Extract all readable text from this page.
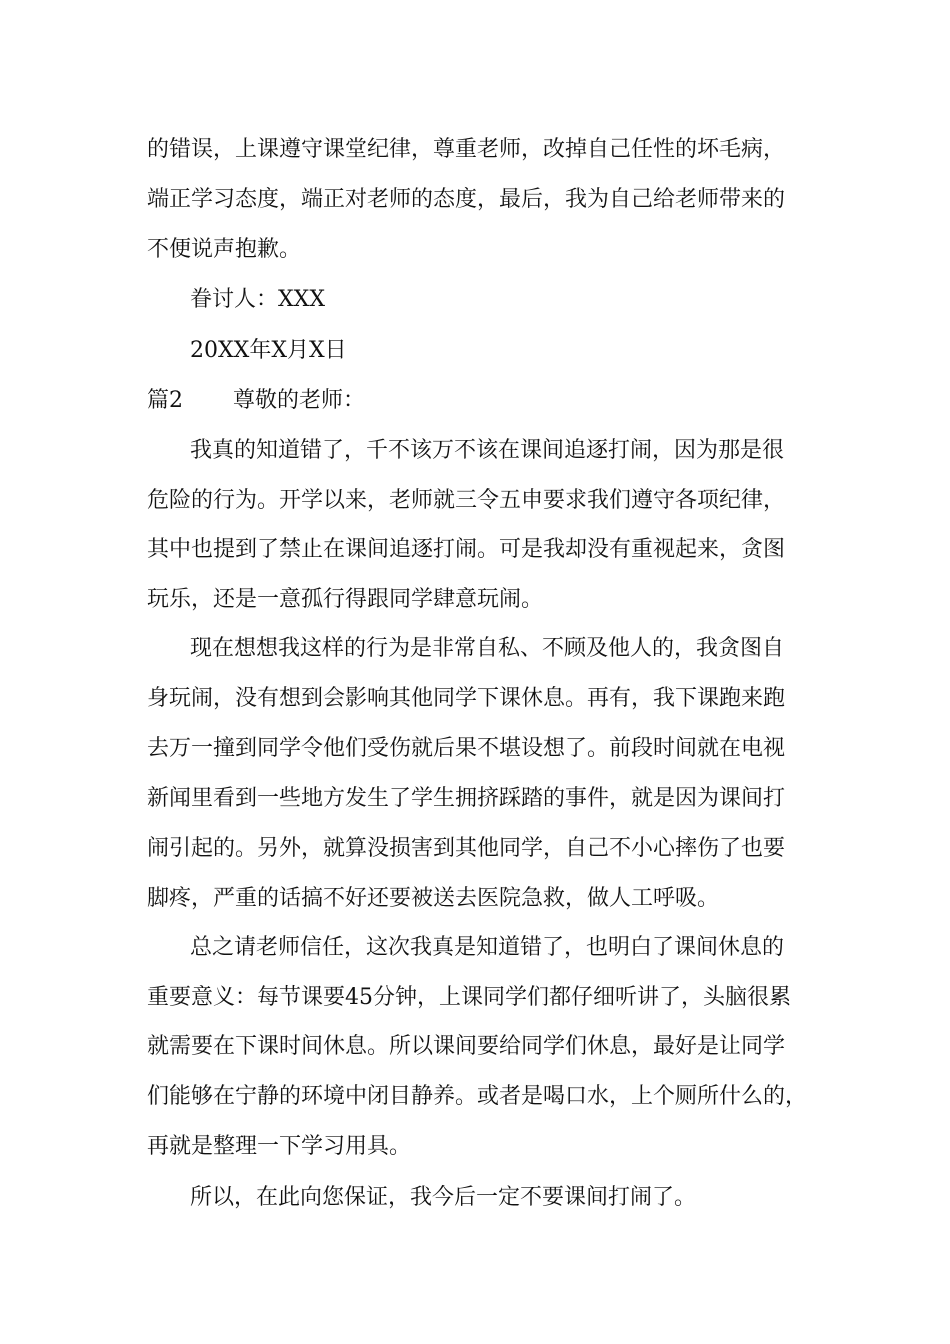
的错误，上课遵守课堂纪律，尊重老师，改掉自己任性的坏毛病，
端正学习态度，端正对老师的态度，最后，我为自己给老师带来的
不便说声抱歉。
眷讨人：XXX
20XX年X月X日
篇2 尊敬的老师：
我真的知道错了，千不该万不该在课间追逐打闹，因为那是很
危险的行为。开学以来，老师就三令五申要求我们遵守各项纪律，
其中也提到了禁止在课间追逐打闹。可是我却没有重视起来，贪图
玩乐，还是一意孤行得跟同学肆意玩闹。
现在想想我这样的行为是非常自私、不顾及他人的，我贪图自
身玩闹，没有想到会影响其他同学下课休息。再有，我下课跑来跑
去万一撞到同学令他们受伤就后果不堪设想了。前段时间就在电视
新闻里看到一些地方发生了学生拥挤踩踏的事件，就是因为课间打
闹引起的。另外，就算没损害到其他同学，自己不小心摔伤了也要
脚疼，严重的话搞不好还要被送去医院急救，做人工呼吸。
总之请老师信任，这次我真是知道错了，也明白了课间休息的
重要意义：每节课要45分钟，上课同学们都仔细听讲了，头脑很累
就需要在下课时间休息。所以课间要给同学们休息，最好是让同学
们能够在宁静的环境中闭目静养。或者是喝口水，上个厕所什么的，
再就是整理一下学习用具。
所以，在此向您保证，我今后一定不要课间打闹了。
